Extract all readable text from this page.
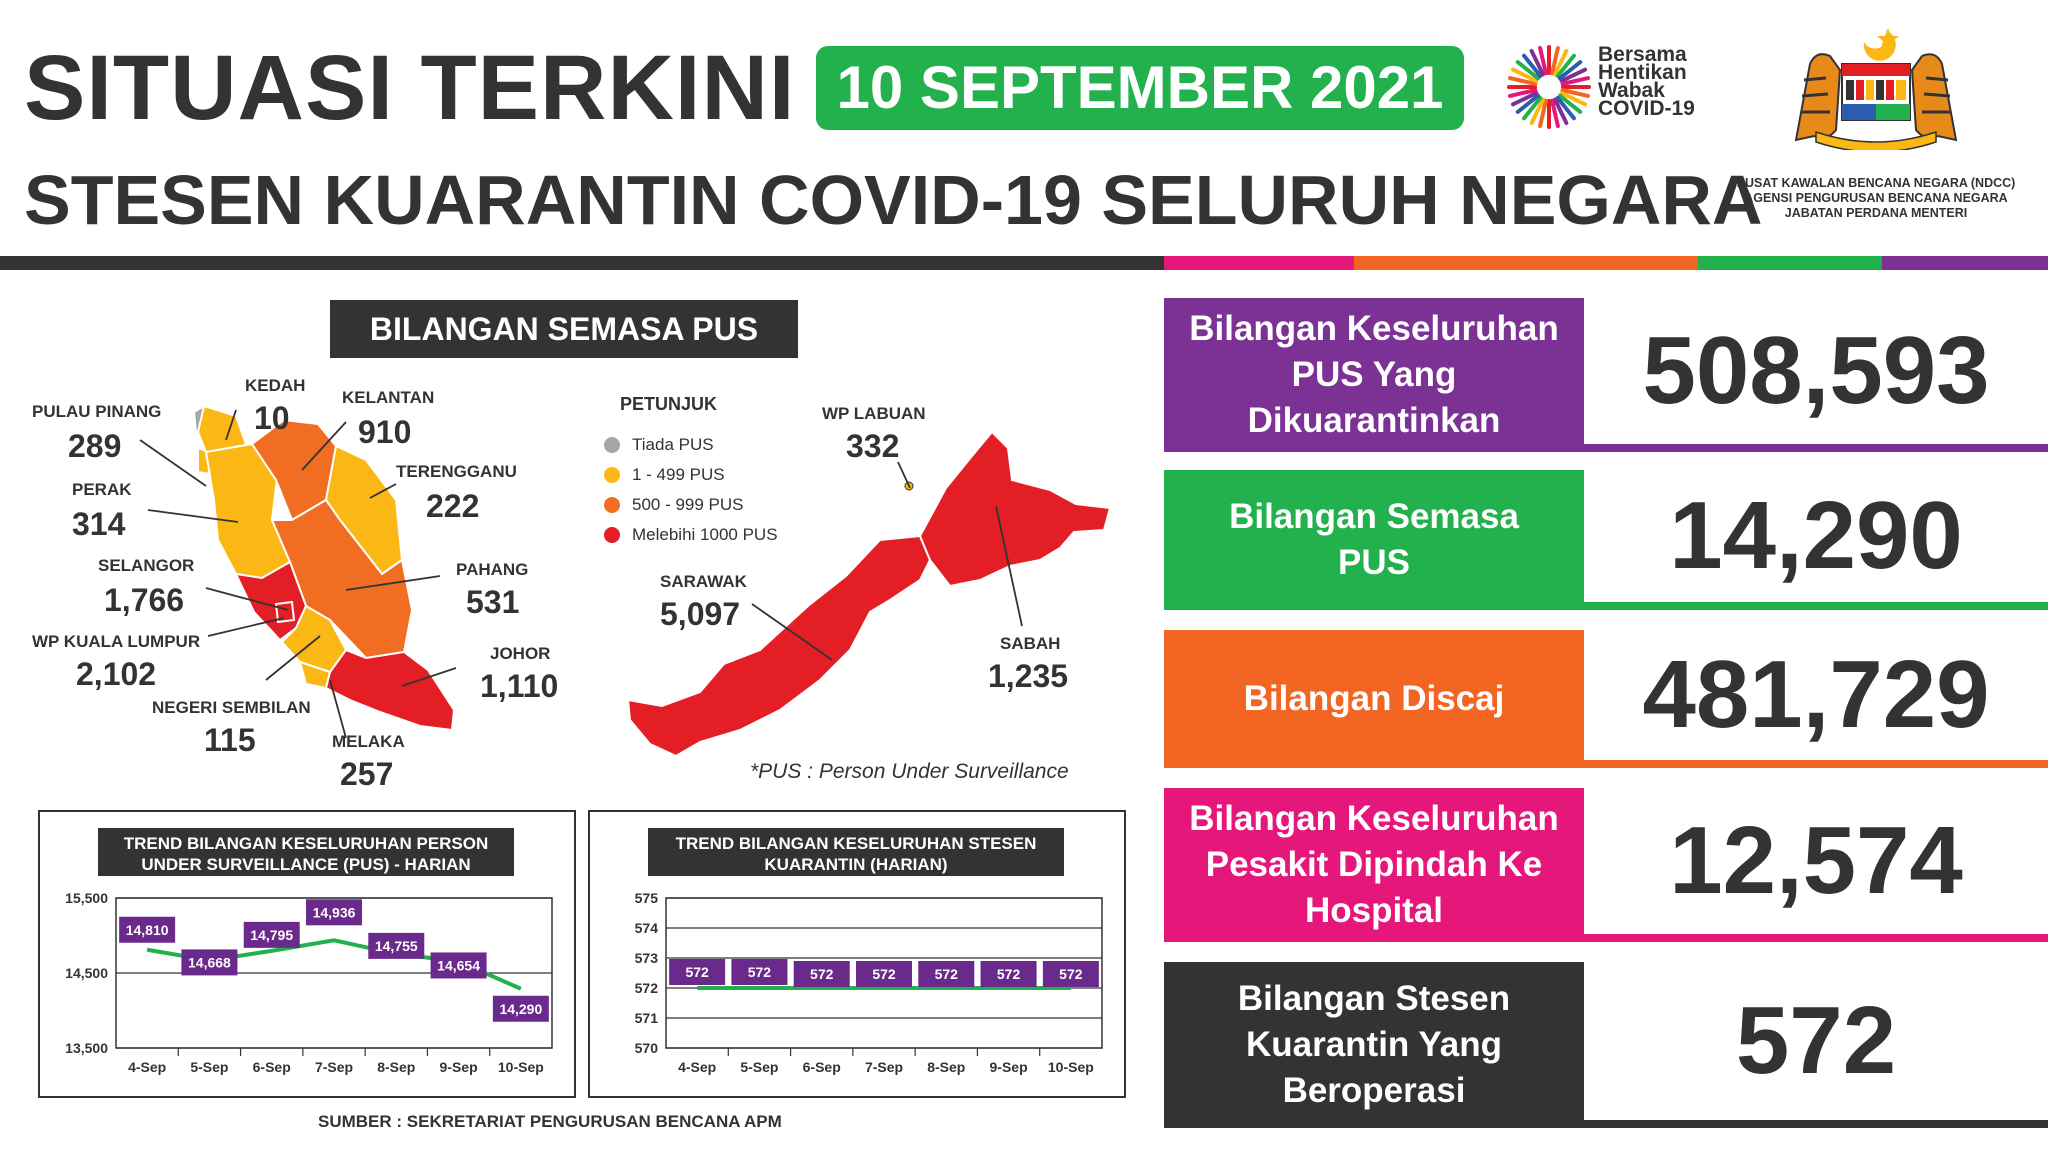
SITUASI TERKINI 10 SEPTEMBER 2021
STESEN KUARANTIN COVID-19 SELURUH NEGARA
Bersama
Hentikan
Wabak
COVID-19
PUSAT KAWALAN BENCANA NEGARA (NDCC)
AGENSI PENGURUSAN BENCANA NEGARA
JABATAN PERDANA MENTERI
BILANGAN SEMASA PUS
PULAU PINANG
289
KEDAH
10
KELANTAN
910
PERAK
314
TERENGGANU
222
SELANGOR
1,766
PAHANG
531
WP KUALA LUMPUR
2,102
JOHOR
1,110
NEGERI SEMBILAN
115	MELAKA
257
WP LABUAN
332
SARAWAK
5,097
SABAH
1,235
PETUNJUK
Tiada PUS
1 - 499 PUS
500 - 999 PUS
Melebihi 1000 PUS
*PUS : Person Under Surveillance
TREND BILANGAN KESELURUHAN PERSON
UNDER SURVEILLANCE (PUS) - HARIAN
13,500
14,500
15,500
4-Sep 5-Sep 6-Sep 7-Sep 8-Sep 9-Sep 10-Sep
14,810
14,668
14,795
14,936
14,755
14,654
14,290
TREND BILANGAN KESELURUHAN STESEN
KUARANTIN (HARIAN)
570
571
572
573
574
575
4-Sep 5-Sep 6-Sep 7-Sep 8-Sep 9-Sep 10-Sep
572	572	572	572	572	572	572
SUMBER : SEKRETARIAT PENGURUSAN BENCANA APM
Bilangan Keseluruhan PUS Yang Dikuarantinkan	508,593
Bilangan Semasa PUS	14,290
Bilangan Discaj	481,729
Bilangan Keseluruhan Pesakit Dipindah Ke Hospital	12,574
Bilangan Stesen Kuarantin Yang Beroperasi	572
